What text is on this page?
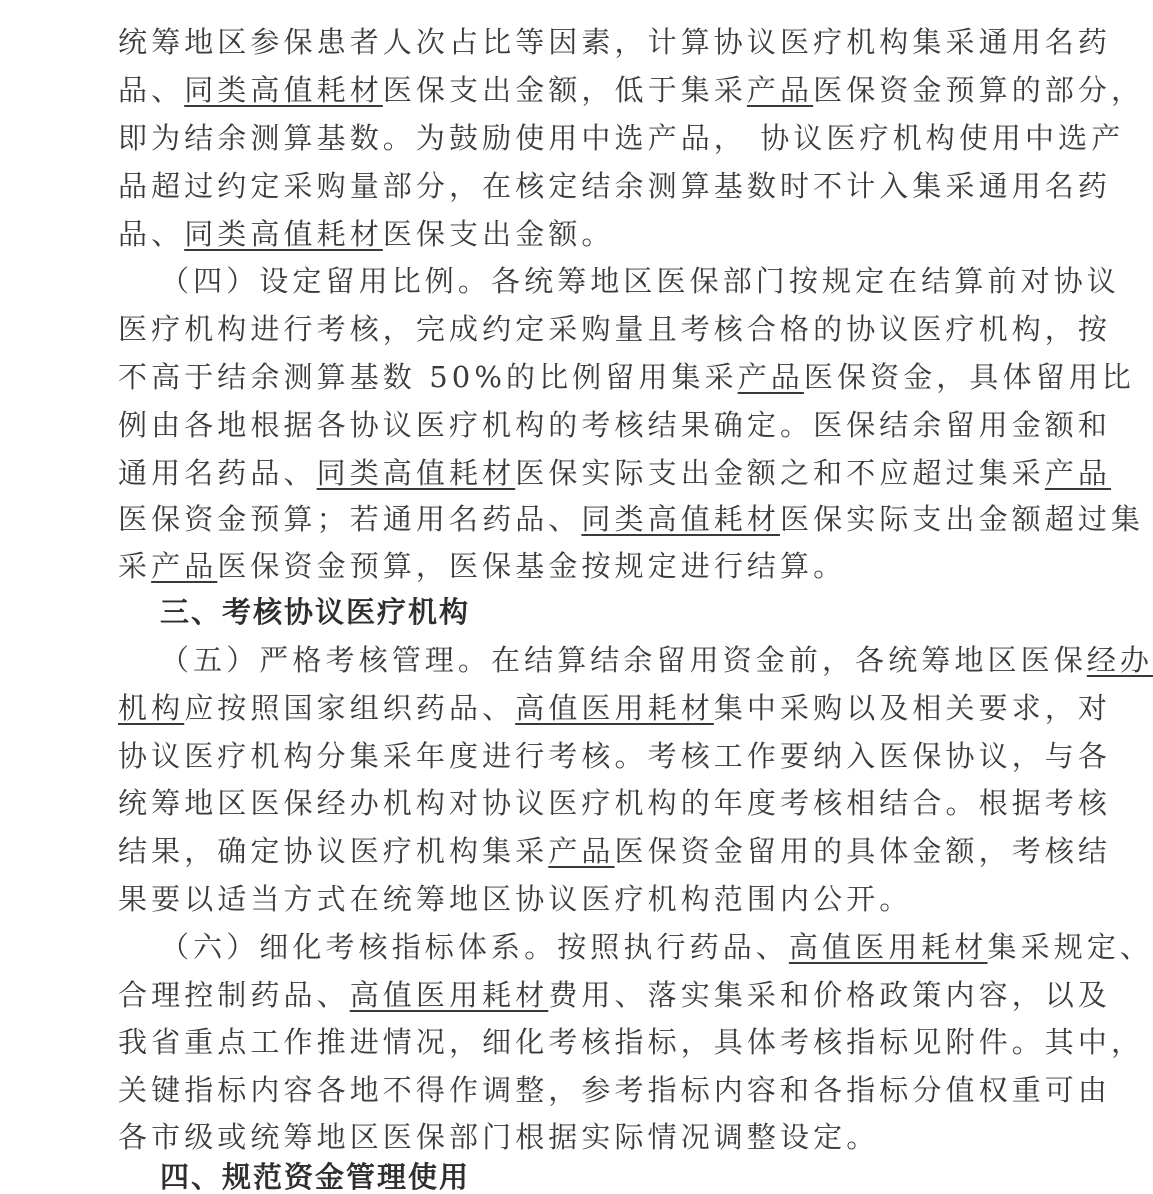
统筹地区参保患者人次占比等因素，计算协议医疗机构集采通用名药
品、同类高值耗材医保支出金额，低于集采产品医保资金预算的部分，
即为结余测算基数。为鼓励使用中选产品， 协议医疗机构使用中选产
品超过约定采购量部分，在核定结余测算基数时不计入集采通用名药
品、同类高值耗材医保支出金额。
（四）设定留用比例。各统筹地区医保部门按规定在结算前对协议
医疗机构进行考核，完成约定采购量且考核合格的协议医疗机构，按
不高于结余测算基数 50%的比例留用集采产品医保资金，具体留用比
例由各地根据各协议医疗机构的考核结果确定。医保结余留用金额和
通用名药品、同类高值耗材医保实际支出金额之和不应超过集采产品
医保资金预算；若通用名药品、同类高值耗材医保实际支出金额超过集
采产品医保资金预算，医保基金按规定进行结算。
三、考核协议医疗机构
（五）严格考核管理。在结算结余留用资金前，各统筹地区医保经办
机构应按照国家组织药品、高值医用耗材集中采购以及相关要求，对
协议医疗机构分集采年度进行考核。考核工作要纳入医保协议，与各
统筹地区医保经办机构对协议医疗机构的年度考核相结合。根据考核
结果，确定协议医疗机构集采产品医保资金留用的具体金额，考核结
果要以适当方式在统筹地区协议医疗机构范围内公开。
（六）细化考核指标体系。按照执行药品、高值医用耗材集采规定、
合理控制药品、高值医用耗材费用、落实集采和价格政策内容，以及
我省重点工作推进情况，细化考核指标，具体考核指标见附件。其中，
关键指标内容各地不得作调整，参考指标内容和各指标分值权重可由
各市级或统筹地区医保部门根据实际情况调整设定。
四、规范资金管理使用
